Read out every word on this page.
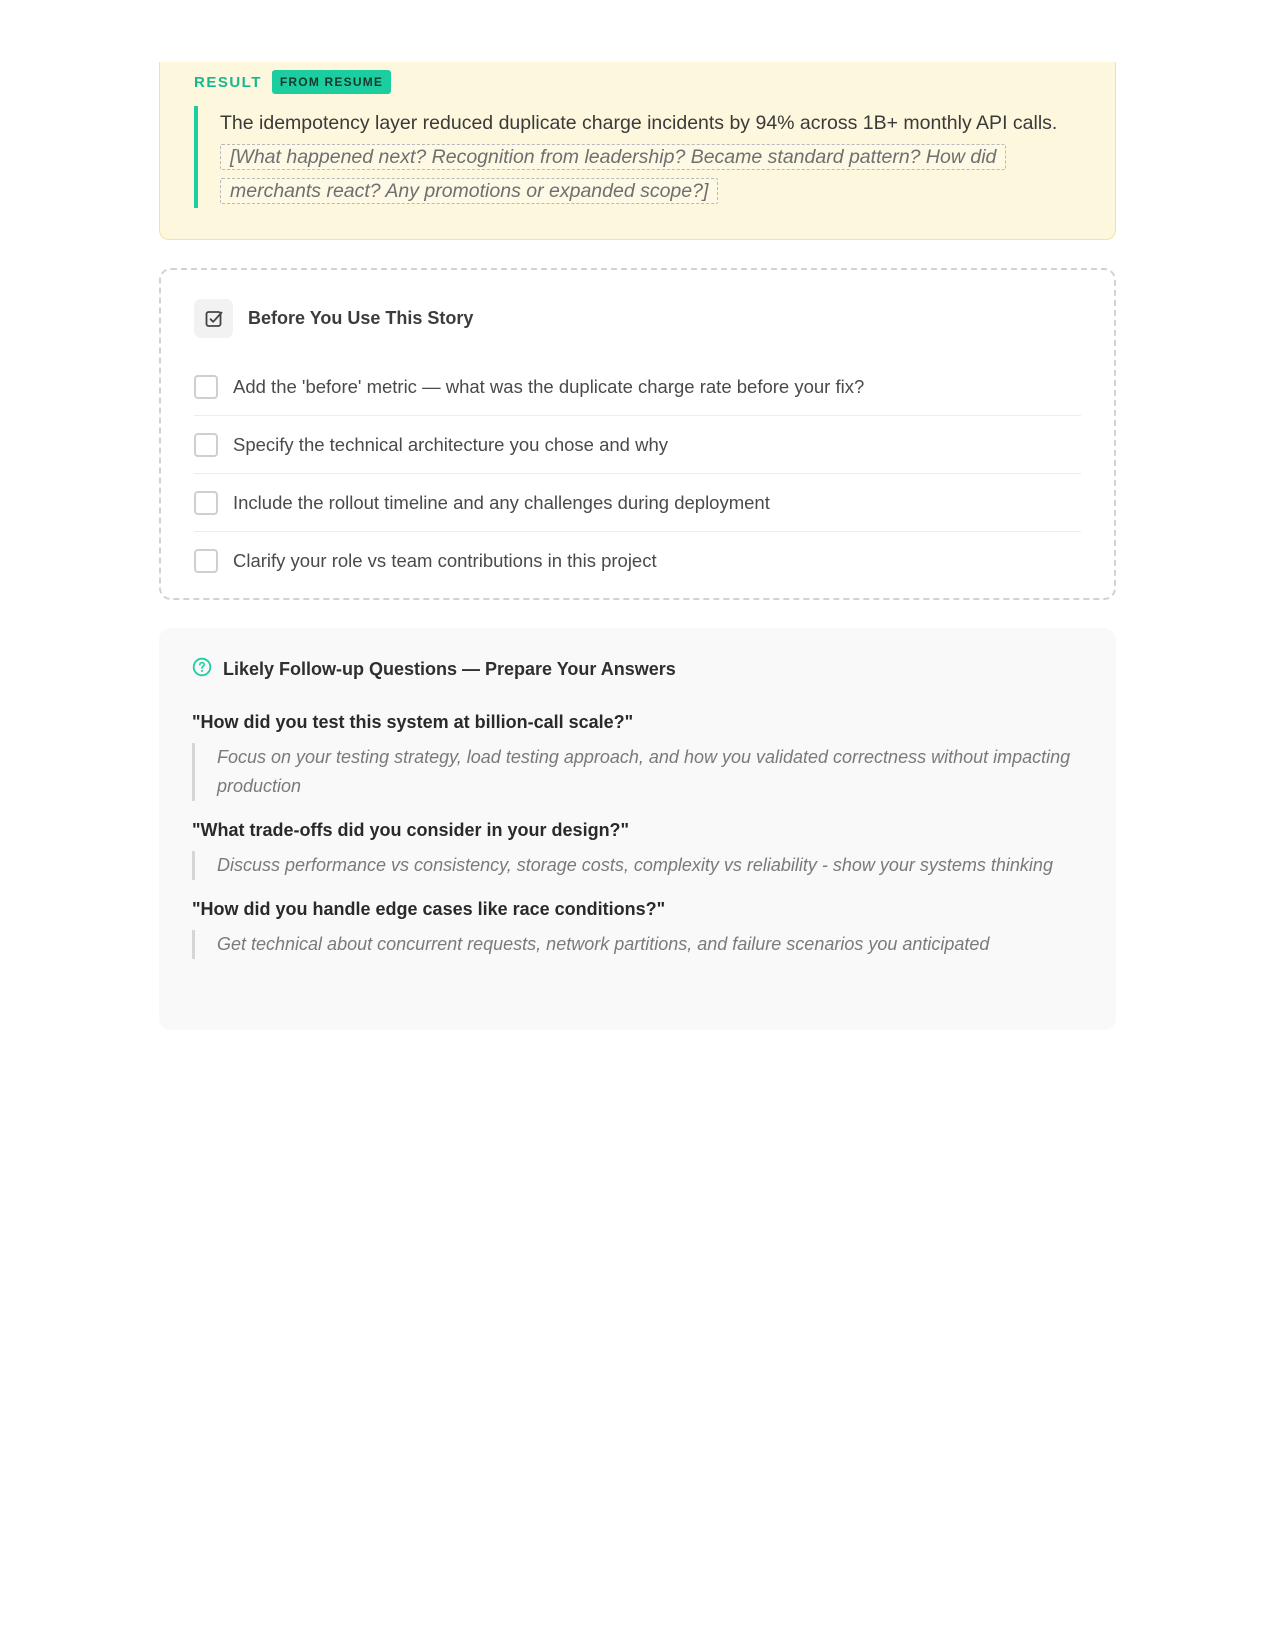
RESULT	FROM RESUME

The idempotency layer reduced duplicate charge incidents by 94% across 1B+ monthly API calls. [What happened next? Recognition from leadership? Became standard pattern? How did merchants react? Any promotions or expanded scope?]

Before You Use This Story
Add the 'before' metric — what was the duplicate charge rate before your fix?
Specify the technical architecture you chose and why
Include the rollout timeline and any challenges during deployment
Clarify your role vs team contributions in this project
Likely Follow-up Questions — Prepare Your Answers
"How did you test this system at billion-call scale?"
Focus on your testing strategy, load testing approach, and how you validated correctness without impacting production
"What trade-offs did you consider in your design?"
Discuss performance vs consistency, storage costs, complexity vs reliability - show your systems thinking
"How did you handle edge cases like race conditions?"
Get technical about concurrent requests, network partitions, and failure scenarios you anticipated
